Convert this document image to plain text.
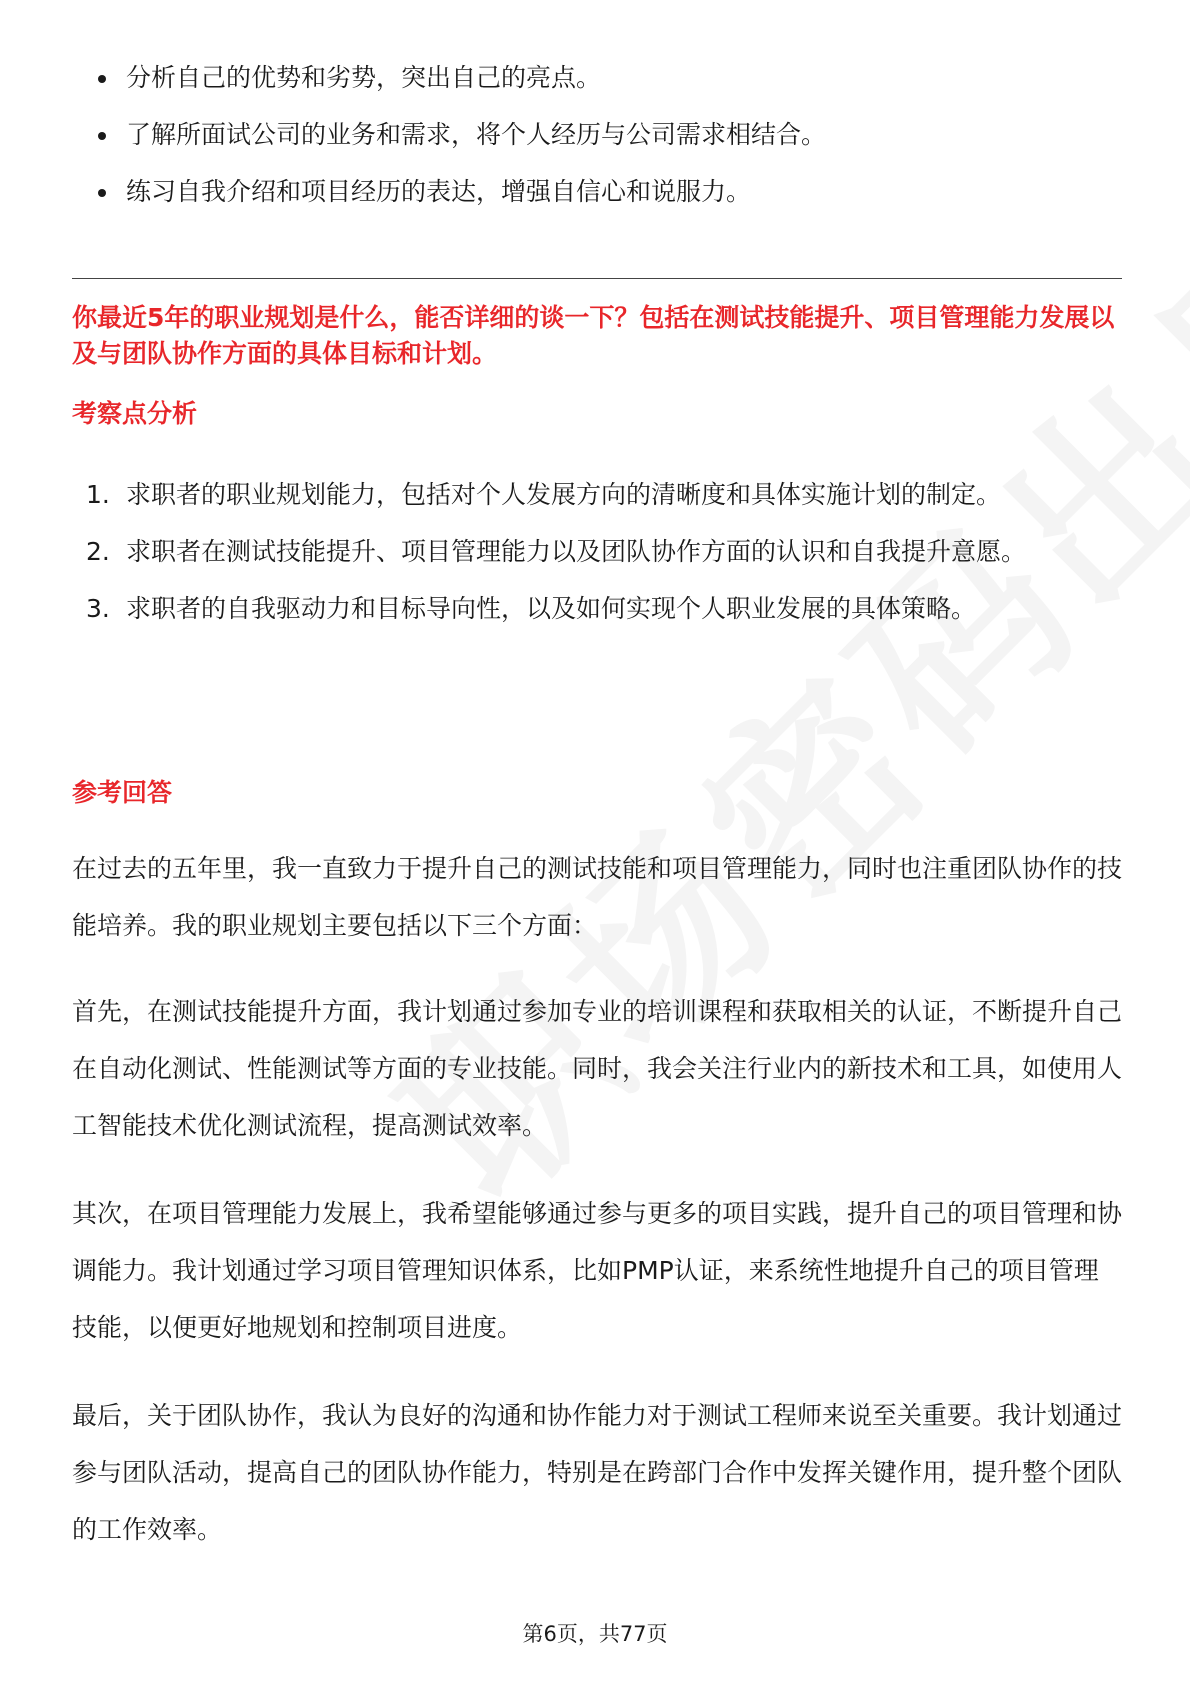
分析自己的优势和劣势，突出自己的亮点。
了解所面试公司的业务和需求，将个人经历与公司需求相结合。
练习自我介绍和项目经历的表达，增强自信心和说服力。
你最近5年的职业规划是什么，能否详细的谈一下？包括在测试技能提升、项目管理能力发展以及与团队协作方面的具体目标和计划。
考察点分析
1. 求职者的职业规划能力，包括对个人发展方向的清晰度和具体实施计划的制定。
2. 求职者在测试技能提升、项目管理能力以及团队协作方面的认识和自我提升意愿。
3. 求职者的自我驱动力和目标导向性，以及如何实现个人职业发展的具体策略。
参考回答
在过去的五年里，我一直致力于提升自己的测试技能和项目管理能力，同时也注重团队协作的技能培养。我的职业规划主要包括以下三个方面：
首先，在测试技能提升方面，我计划通过参加专业的培训课程和获取相关的认证，不断提升自己在自动化测试、性能测试等方面的专业技能。同时，我会关注行业内的新技术和工具，如使用人工智能技术优化测试流程，提高测试效率。
其次，在项目管理能力发展上，我希望能够通过参与更多的项目实践，提升自己的项目管理和协调能力。我计划通过学习项目管理知识体系，比如PMP认证，来系统性地提升自己的项目管理技能，以便更好地规划和控制项目进度。
最后，关于团队协作，我认为良好的沟通和协作能力对于测试工程师来说至关重要。我计划通过参与团队活动，提高自己的团队协作能力，特别是在跨部门合作中发挥关键作用，提升整个团队的工作效率。
第6页，共77页
